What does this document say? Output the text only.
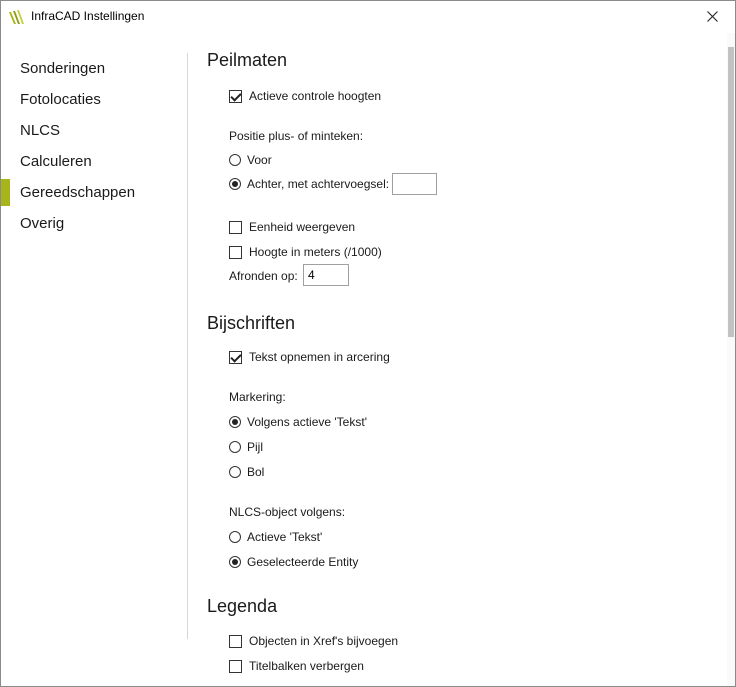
InfraCAD Instellingen
Sonderingen
Fotolocaties
NLCS
Calculeren
Gereedschappen
Overig
Peilmaten
Actieve controle hoogten
Positie plus- of minteken:
Voor
Achter, met achtervoegsel:
Eenheid weergeven
Hoogte in meters (/1000)
Afronden op:
4
Bijschriften
Tekst opnemen in arcering
Markering:
Volgens actieve 'Tekst'
Pijl
Bol
NLCS-object volgens:
Actieve 'Tekst'
Geselecteerde Entity
Legenda
Objecten in Xref's bijvoegen
Titelbalken verbergen
